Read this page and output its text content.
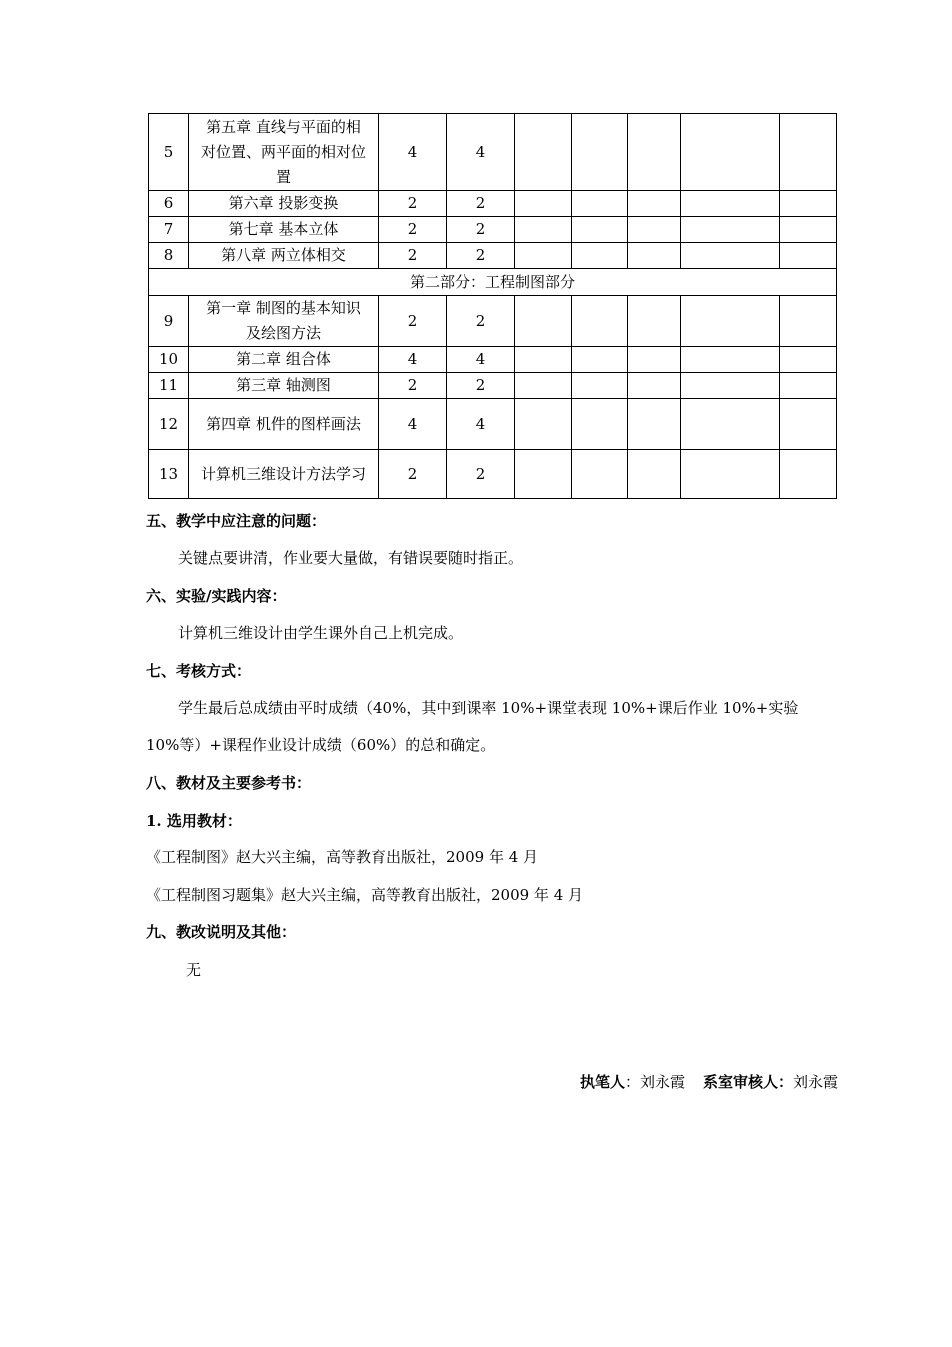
5	第五章 直线与平面的相对位置、两平面的相对位置	4	4					
6	第六章 投影变换	2	2					
7	第七章 基本立体	2	2					
8	第八章 两立体相交	2	2					
第二部分：工程制图部分								
9	第一章 制图的基本知识及绘图方法	2	2					
10	第二章 组合体	4	4					
11	第三章 轴测图	2	2					
12	第四章 机件的图样画法	4	4					
13	计算机三维设计方法学习	2	2					
五、教学中应注意的问题：
关键点要讲清，作业要大量做，有错误要随时指正。
六、实验/实践内容：
计算机三维设计由学生课外自己上机完成。
七、考核方式：
学生最后总成绩由平时成绩（40%，其中到课率 10%+课堂表现 10%+课后作业 10%+实验
10%等）+课程作业设计成绩（60%）的总和确定。
八、教材及主要参考书：
1. 选用教材：
《工程制图》赵大兴主编，高等教育出版社，2009 年 4 月
《工程制图习题集》赵大兴主编，高等教育出版社，2009 年 4 月
九、教改说明及其他：
无
执笔人：刘永霞 系室审核人：刘永霞
